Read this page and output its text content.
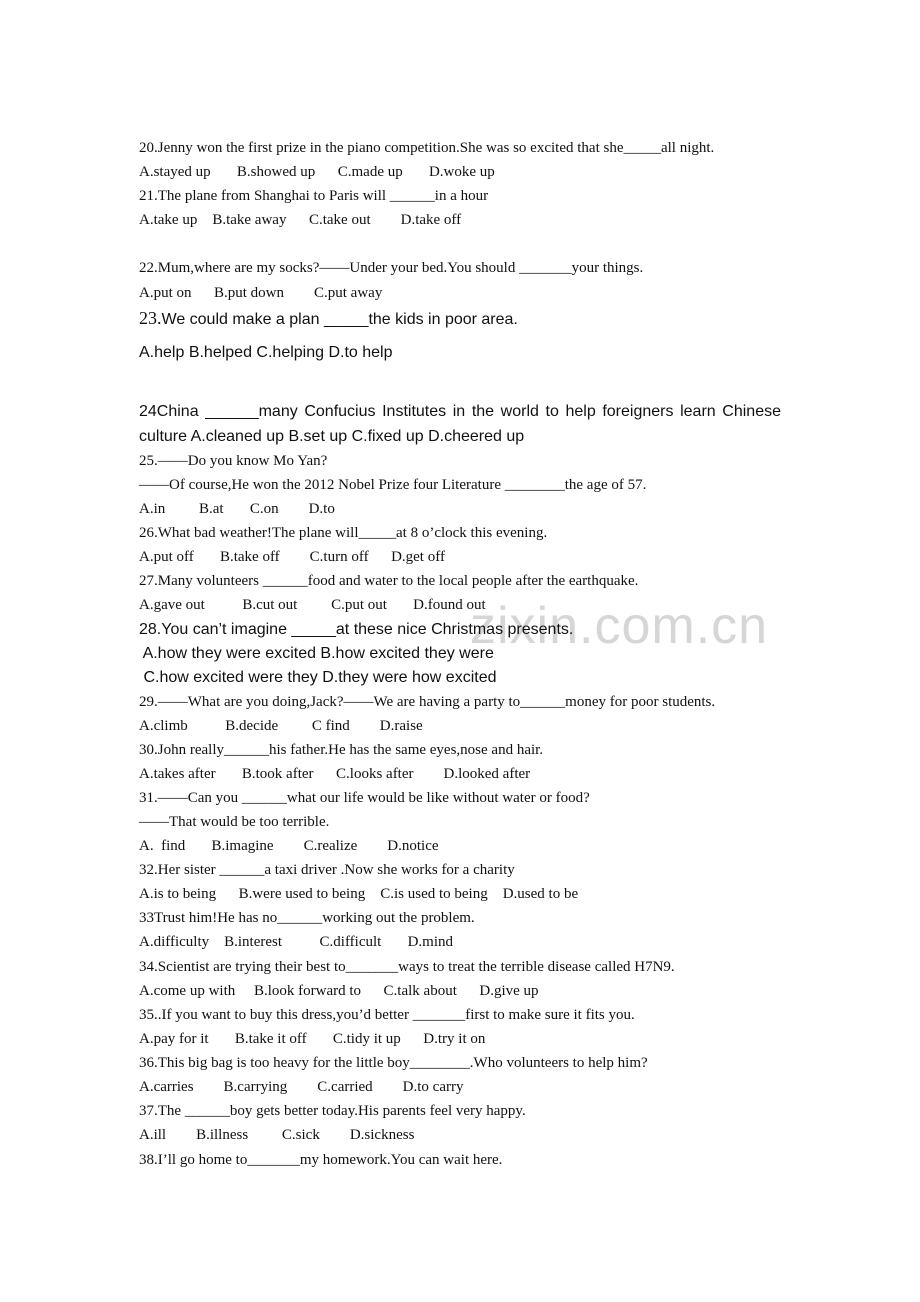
zixin.com.cn
20.Jenny won the first prize in the piano competition.She was so excited that she_____all night.
A.stayed up       B.showed up      C.made up       D.woke up
21.The plane from Shanghai to Paris will ______in a hour
A.take up    B.take away      C.take out        D.take off
22.Mum,where are my socks?——Under your bed.You should _______your things.
A.put on      B.put down        C.put away
23.We could make a plan _____the kids in poor area.
A.help B.helped C.helping D.to help
24China ______many Confucius Institutes in the world to help foreigners learn Chinese
culture A.cleaned up B.set up C.fixed up D.cheered up
25.——Do you know Mo Yan?
——Of course,He won the 2012 Nobel Prize four Literature ________the age of 57.
A.in         B.at       C.on        D.to
26.What bad weather!The plane will_____at 8 o’clock this evening.
A.put off       B.take off        C.turn off      D.get off
27.Many volunteers ______food and water to the local people after the earthquake.
A.gave out          B.cut out         C.put out       D.found out
28.You can’t imagine _____at these nice Christmas presents.
A.how they were excited B.how excited they were
C.how excited were they D.they were how excited
29.——What are you doing,Jack?——We are having a party to______money for poor students.
A.climb          B.decide         C find        D.raise
30.John really______his father.He has the same eyes,nose and hair.
A.takes after       B.took after      C.looks after        D.looked after
31.——Can you ______what our life would be like without water or food?
——That would be too terrible.
A.  find       B.imagine        C.realize        D.notice
32.Her sister ______a taxi driver .Now she works for a charity
A.is to being      B.were used to being    C.is used to being    D.used to be
33Trust him!He has no______working out the problem.
A.difficulty    B.interest          C.difficult       D.mind
34.Scientist are trying their best to_______ways to treat the terrible disease called H7N9.
A.come up with     B.look forward to      C.talk about      D.give up
35..If you want to buy this dress,you’d better _______first to make sure it fits you.
A.pay for it       B.take it off       C.tidy it up      D.try it on
36.This big bag is too heavy for the little boy________.Who volunteers to help him?
A.carries        B.carrying        C.carried        D.to carry
37.The ______boy gets better today.His parents feel very happy.
A.ill        B.illness         C.sick        D.sickness
38.I’ll go home to_______my homework.You can wait here.
